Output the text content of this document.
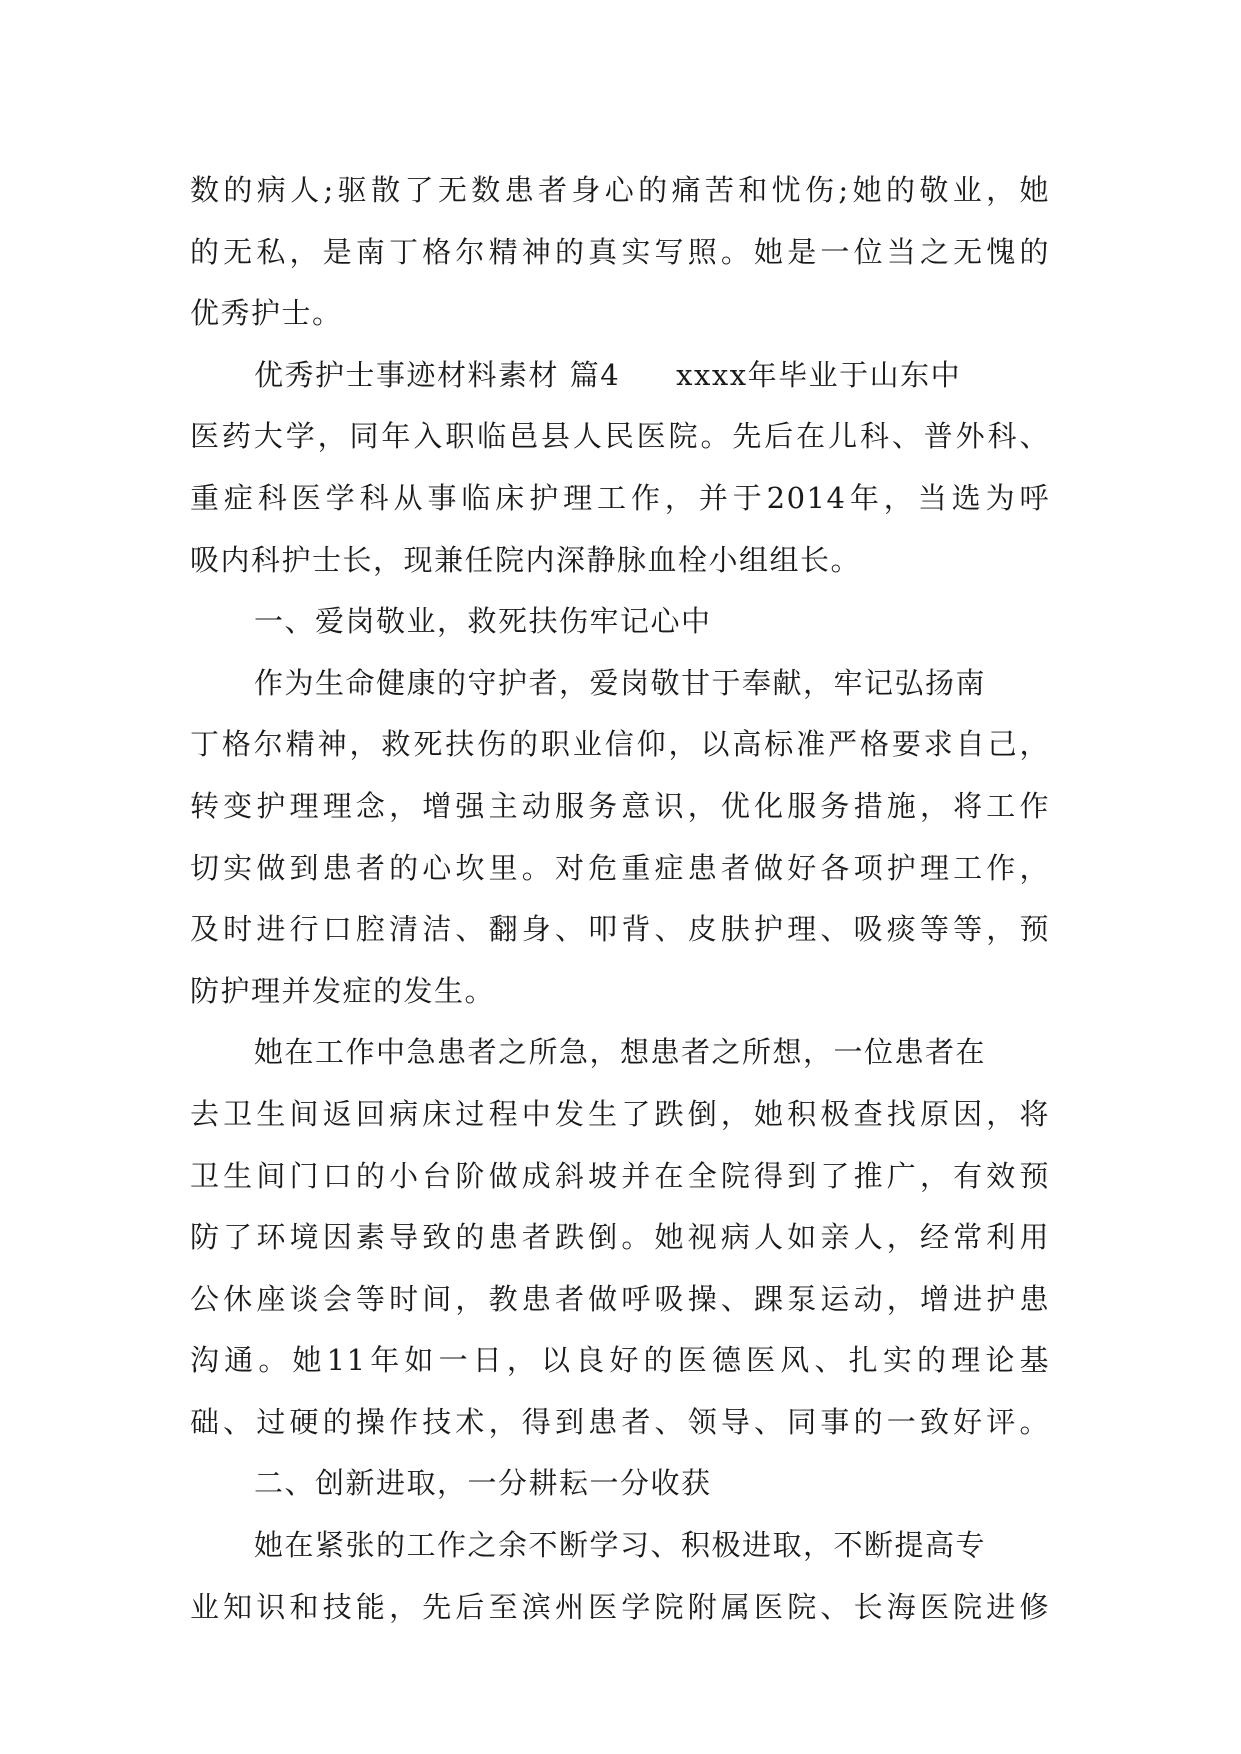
数的病人;驱散了无数患者身心的痛苦和忧伤;她的敬业，她
的无私，是南丁格尔精神的真实写照。她是一位当之无愧的
优秀护士。
优秀护士事迹材料素材 篇4 xxxx年毕业于山东中
医药大学，同年入职临邑县人民医院。先后在儿科、普外科、
重症科医学科从事临床护理工作，并于2014年，当选为呼
吸内科护士长，现兼任院内深静脉血栓小组组长。
一、爱岗敬业，救死扶伤牢记心中
作为生命健康的守护者，爱岗敬甘于奉献，牢记弘扬南
丁格尔精神，救死扶伤的职业信仰，以高标准严格要求自己，
转变护理理念，增强主动服务意识，优化服务措施，将工作
切实做到患者的心坎里。对危重症患者做好各项护理工作，
及时进行口腔清洁、翻身、叩背、皮肤护理、吸痰等等，预
防护理并发症的发生。
她在工作中急患者之所急，想患者之所想，一位患者在
去卫生间返回病床过程中发生了跌倒，她积极查找原因，将
卫生间门口的小台阶做成斜坡并在全院得到了推广，有效预
防了环境因素导致的患者跌倒。她视病人如亲人，经常利用
公休座谈会等时间，教患者做呼吸操、踝泵运动，增进护患
沟通。她11年如一日，以良好的医德医风、扎实的理论基
础、过硬的操作技术，得到患者、领导、同事的一致好评。
二、创新进取，一分耕耘一分收获
她在紧张的工作之余不断学习、积极进取，不断提高专
业知识和技能，先后至滨州医学院附属医院、长海医院进修
